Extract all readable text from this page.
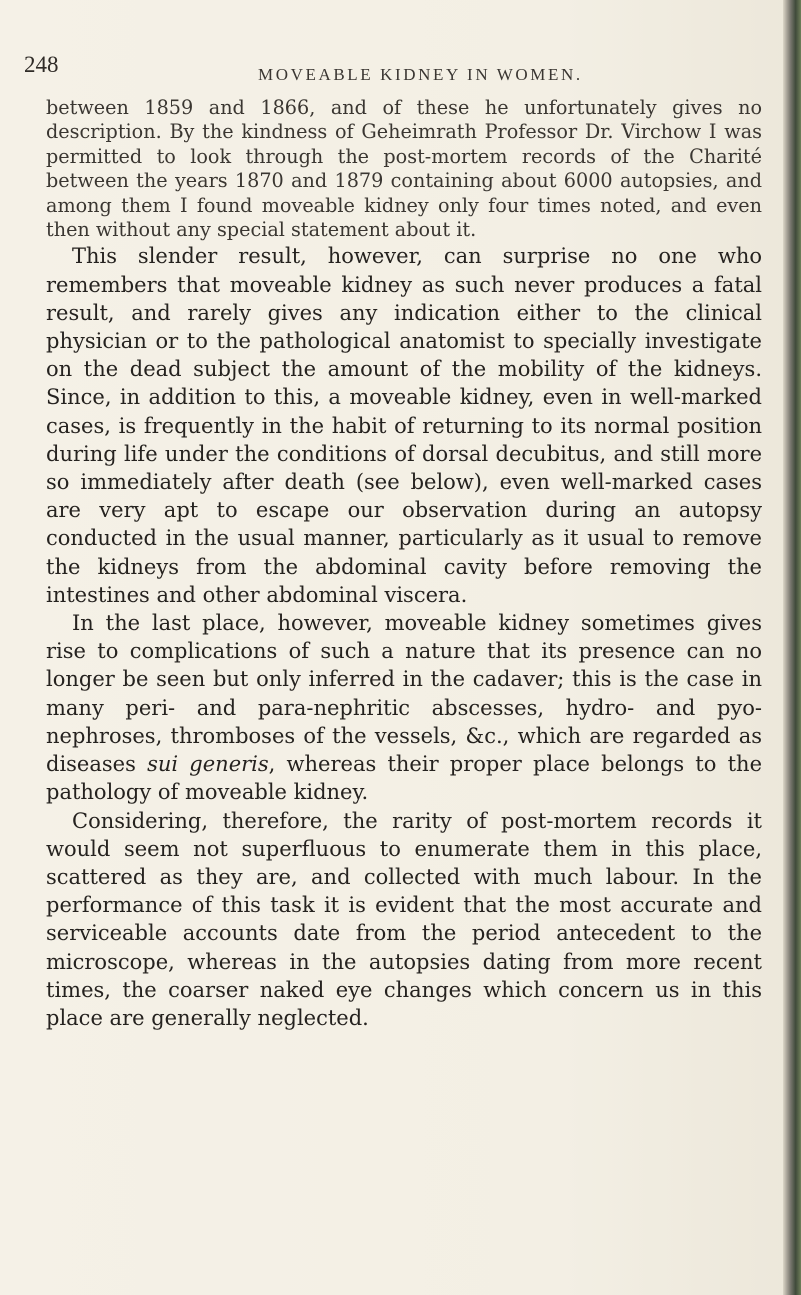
248	MOVEABLE KIDNEY IN WOMEN.

between 1859 and 1866, and of these he unfortunately gives no description. By the kindness of Geheimrath Professor Dr. Virchow I was permitted to look through the post-mortem records of the Charité between the years 1870 and 1879 containing about 6000 autopsies, and among them I found moveable kidney only four times noted, and even then without any special statement about it.

This slender result, however, can surprise no one who remembers that moveable kidney as such never produces a fatal result, and rarely gives any indication either to the clinical physician or to the pathological anatomist to specially investigate on the dead subject the amount of the mobility of the kidneys. Since, in addition to this, a moveable kidney, even in well-marked cases, is frequently in the habit of returning to its normal position during life under the conditions of dorsal decubitus, and still more so immediately after death (see below), even well-marked cases are very apt to escape our observation during an autopsy conducted in the usual manner, particularly as it usual to remove the kidneys from the abdominal cavity before removing the intestines and other abdominal viscera.

In the last place, however, moveable kidney sometimes gives rise to complications of such a nature that its presence can no longer be seen but only inferred in the cadaver; this is the case in many peri- and para-nephritic abscesses, hydro- and pyo-nephroses, thromboses of the vessels, &c., which are regarded as diseases sui generis, whereas their proper place belongs to the pathology of moveable kidney.

Considering, therefore, the rarity of post-mortem records it would seem not superfluous to enumerate them in this place, scattered as they are, and collected with much labour. In the performance of this task it is evident that the most accurate and serviceable accounts date from the period antecedent to the microscope, whereas in the autopsies dating from more recent times, the coarser naked eye changes which concern us in this place are generally neglected.
